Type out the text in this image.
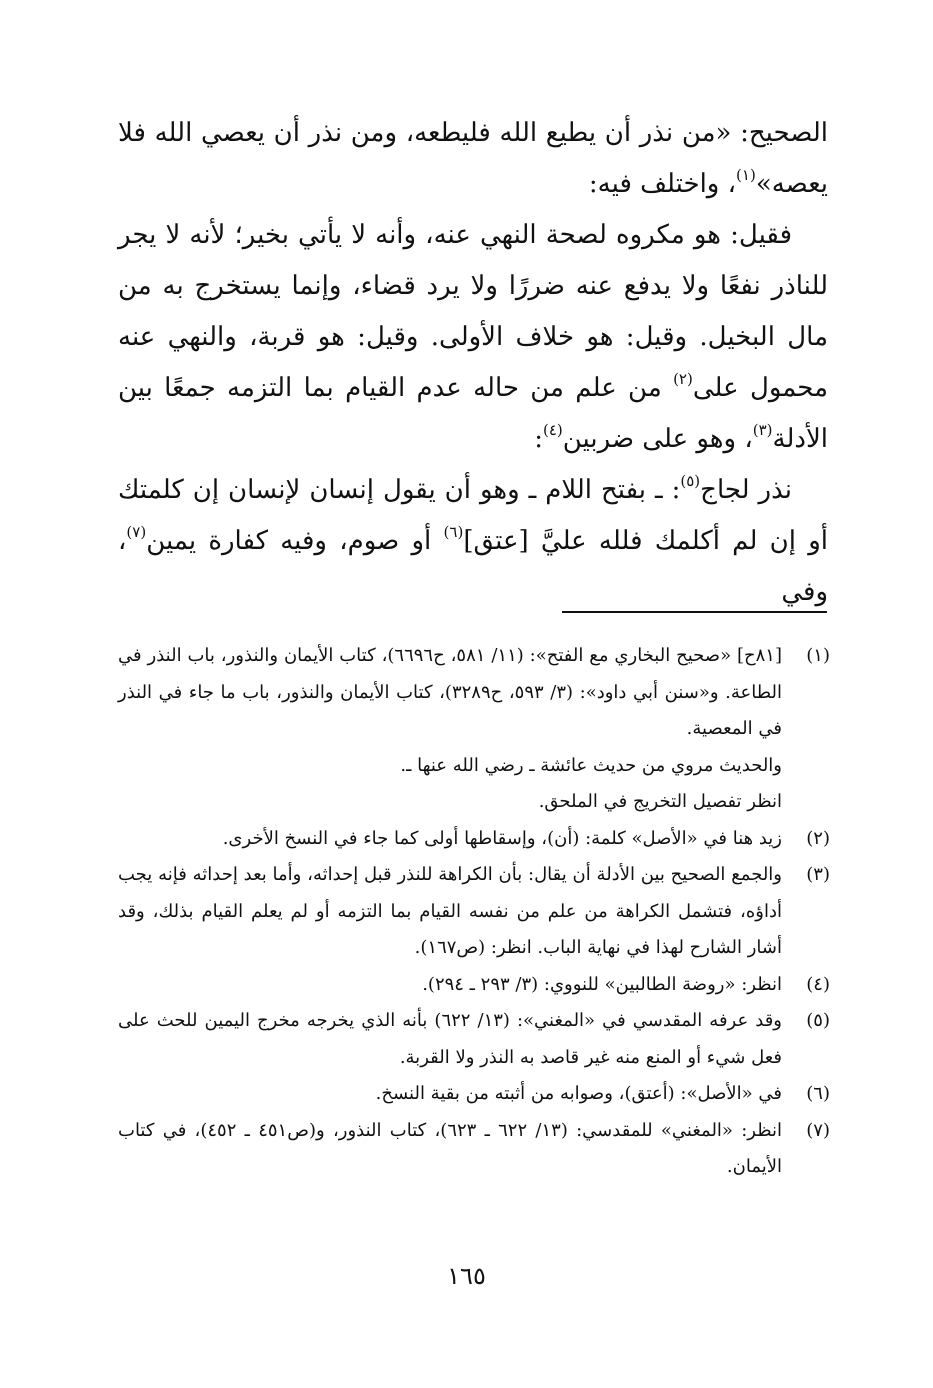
الصحيح: «من نذر أن يطيع الله فليطعه، ومن نذر أن يعصي الله فلا يعصه»$^{(١)}$، واختلف فيه:

فقيل: هو مكروه لصحة النهي عنه، وأنه لا يأتي بخير؛ لأنه لا يجر للناذر نفعًا ولا يدفع عنه ضررًا ولا يرد قضاء، وإنما يستخرج به من مال البخيل. وقيل: هو خلاف الأولى. وقيل: هو قربة، والنهي عنه محمول على$^{(٢)}$ من علم من حاله عدم القيام بما التزمه جمعًا بين الأدلة$^{(٣)}$، وهو على ضربين$^{(٤)}$:

نذر لجاج$^{(٥)}$: ـ بفتح اللام ـ وهو أن يقول إنسان لإنسان إن كلمتك أو إن لم أكلمك فلله عليَّ [عتق]$^{(٦)}$ أو صوم، وفيه كفارة يمين$^{(٧)}$، وفي

(١)
[٨١ح] «صحيح البخاري مع الفتح»: (١١/ ٥٨١، ح٦٦٩٦)، كتاب الأيمان والنذور، باب النذر في الطاعة. و«سنن أبي داود»: (٣/ ٥٩٣، ح٣٢٨٩)، كتاب الأيمان والنذور، باب ما جاء في النذر في المعصية.
والحديث مروي من حديث عائشة ـ رضي الله عنها ـ.
انظر تفصيل التخريج في الملحق.
(٢)
زيد هنا في «الأصل» كلمة: (أن)، وإسقاطها أولى كما جاء في النسخ الأخرى.
(٣)
والجمع الصحيح بين الأدلة أن يقال: بأن الكراهة للنذر قبل إحداثه، وأما بعد إحداثه فإنه يجب أداؤه، فتشمل الكراهة من علم من نفسه القيام بما التزمه أو لم يعلم القيام بذلك، وقد أشار الشارح لهذا في نهاية الباب. انظر: (ص١٦٧).
(٤)
انظر: «روضة الطالبين» للنووي: (٣/ ٢٩٣ ـ ٢٩٤).
(٥)
وقد عرفه المقدسي في «المغني»: (١٣/ ٦٢٢) بأنه الذي يخرجه مخرج اليمين للحث على فعل شيء أو المنع منه غير قاصد به النذر ولا القربة.
(٦)
في «الأصل»: (أعتق)، وصوابه من أثبته من بقية النسخ.
(٧)
انظر: «المغني» للمقدسي: (١٣/ ٦٢٢ ـ ٦٢٣)، كتاب النذور، و(ص٤٥١ ـ ٤٥٢)، في كتاب الأيمان.
١٦٥
